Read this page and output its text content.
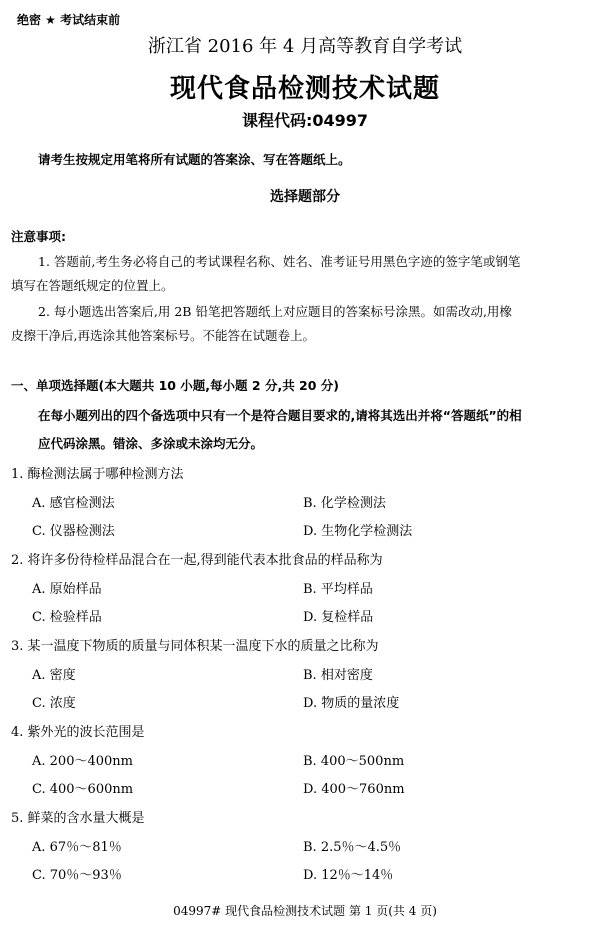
绝密 ★ 考试结束前
浙江省 2016 年 4 月高等教育自学考试
现代食品检测技术试题
课程代码:04997
请考生按规定用笔将所有试题的答案涂、写在答题纸上。
选择题部分
注意事项:
1. 答题前,考生务必将自己的考试课程名称、姓名、准考证号用黑色字迹的签字笔或钢笔
填写在答题纸规定的位置上。
2. 每小题选出答案后,用 2B 铅笔把答题纸上对应题目的答案标号涂黑。如需改动,用橡
皮擦干净后,再选涂其他答案标号。不能答在试题卷上。
一、单项选择题(本大题共 10 小题,每小题 2 分,共 20 分)
在每小题列出的四个备选项中只有一个是符合题目要求的,请将其选出并将“答题纸”的相
应代码涂黑。错涂、多涂或未涂均无分。
1. 酶检测法属于哪种检测方法
A. 感官检测法	B. 化学检测法
C. 仪器检测法	D. 生物化学检测法
2. 将许多份待检样品混合在一起,得到能代表本批食品的样品称为
A. 原始样品	B. 平均样品
C. 检验样品	D. 复检样品
3. 某一温度下物质的质量与同体积某一温度下水的质量之比称为
A. 密度	B. 相对密度
C. 浓度	D. 物质的量浓度
4. 紫外光的波长范围是
A. 200～400nm	B. 400～500nm
C. 400～600nm	D. 400～760nm
5. 鲜菜的含水量大概是
A. 67％～81％	B. 2.5％～4.5％
C. 70％～93％	D. 12％～14％
04997# 现代食品检测技术试题 第 1 页(共 4 页)
